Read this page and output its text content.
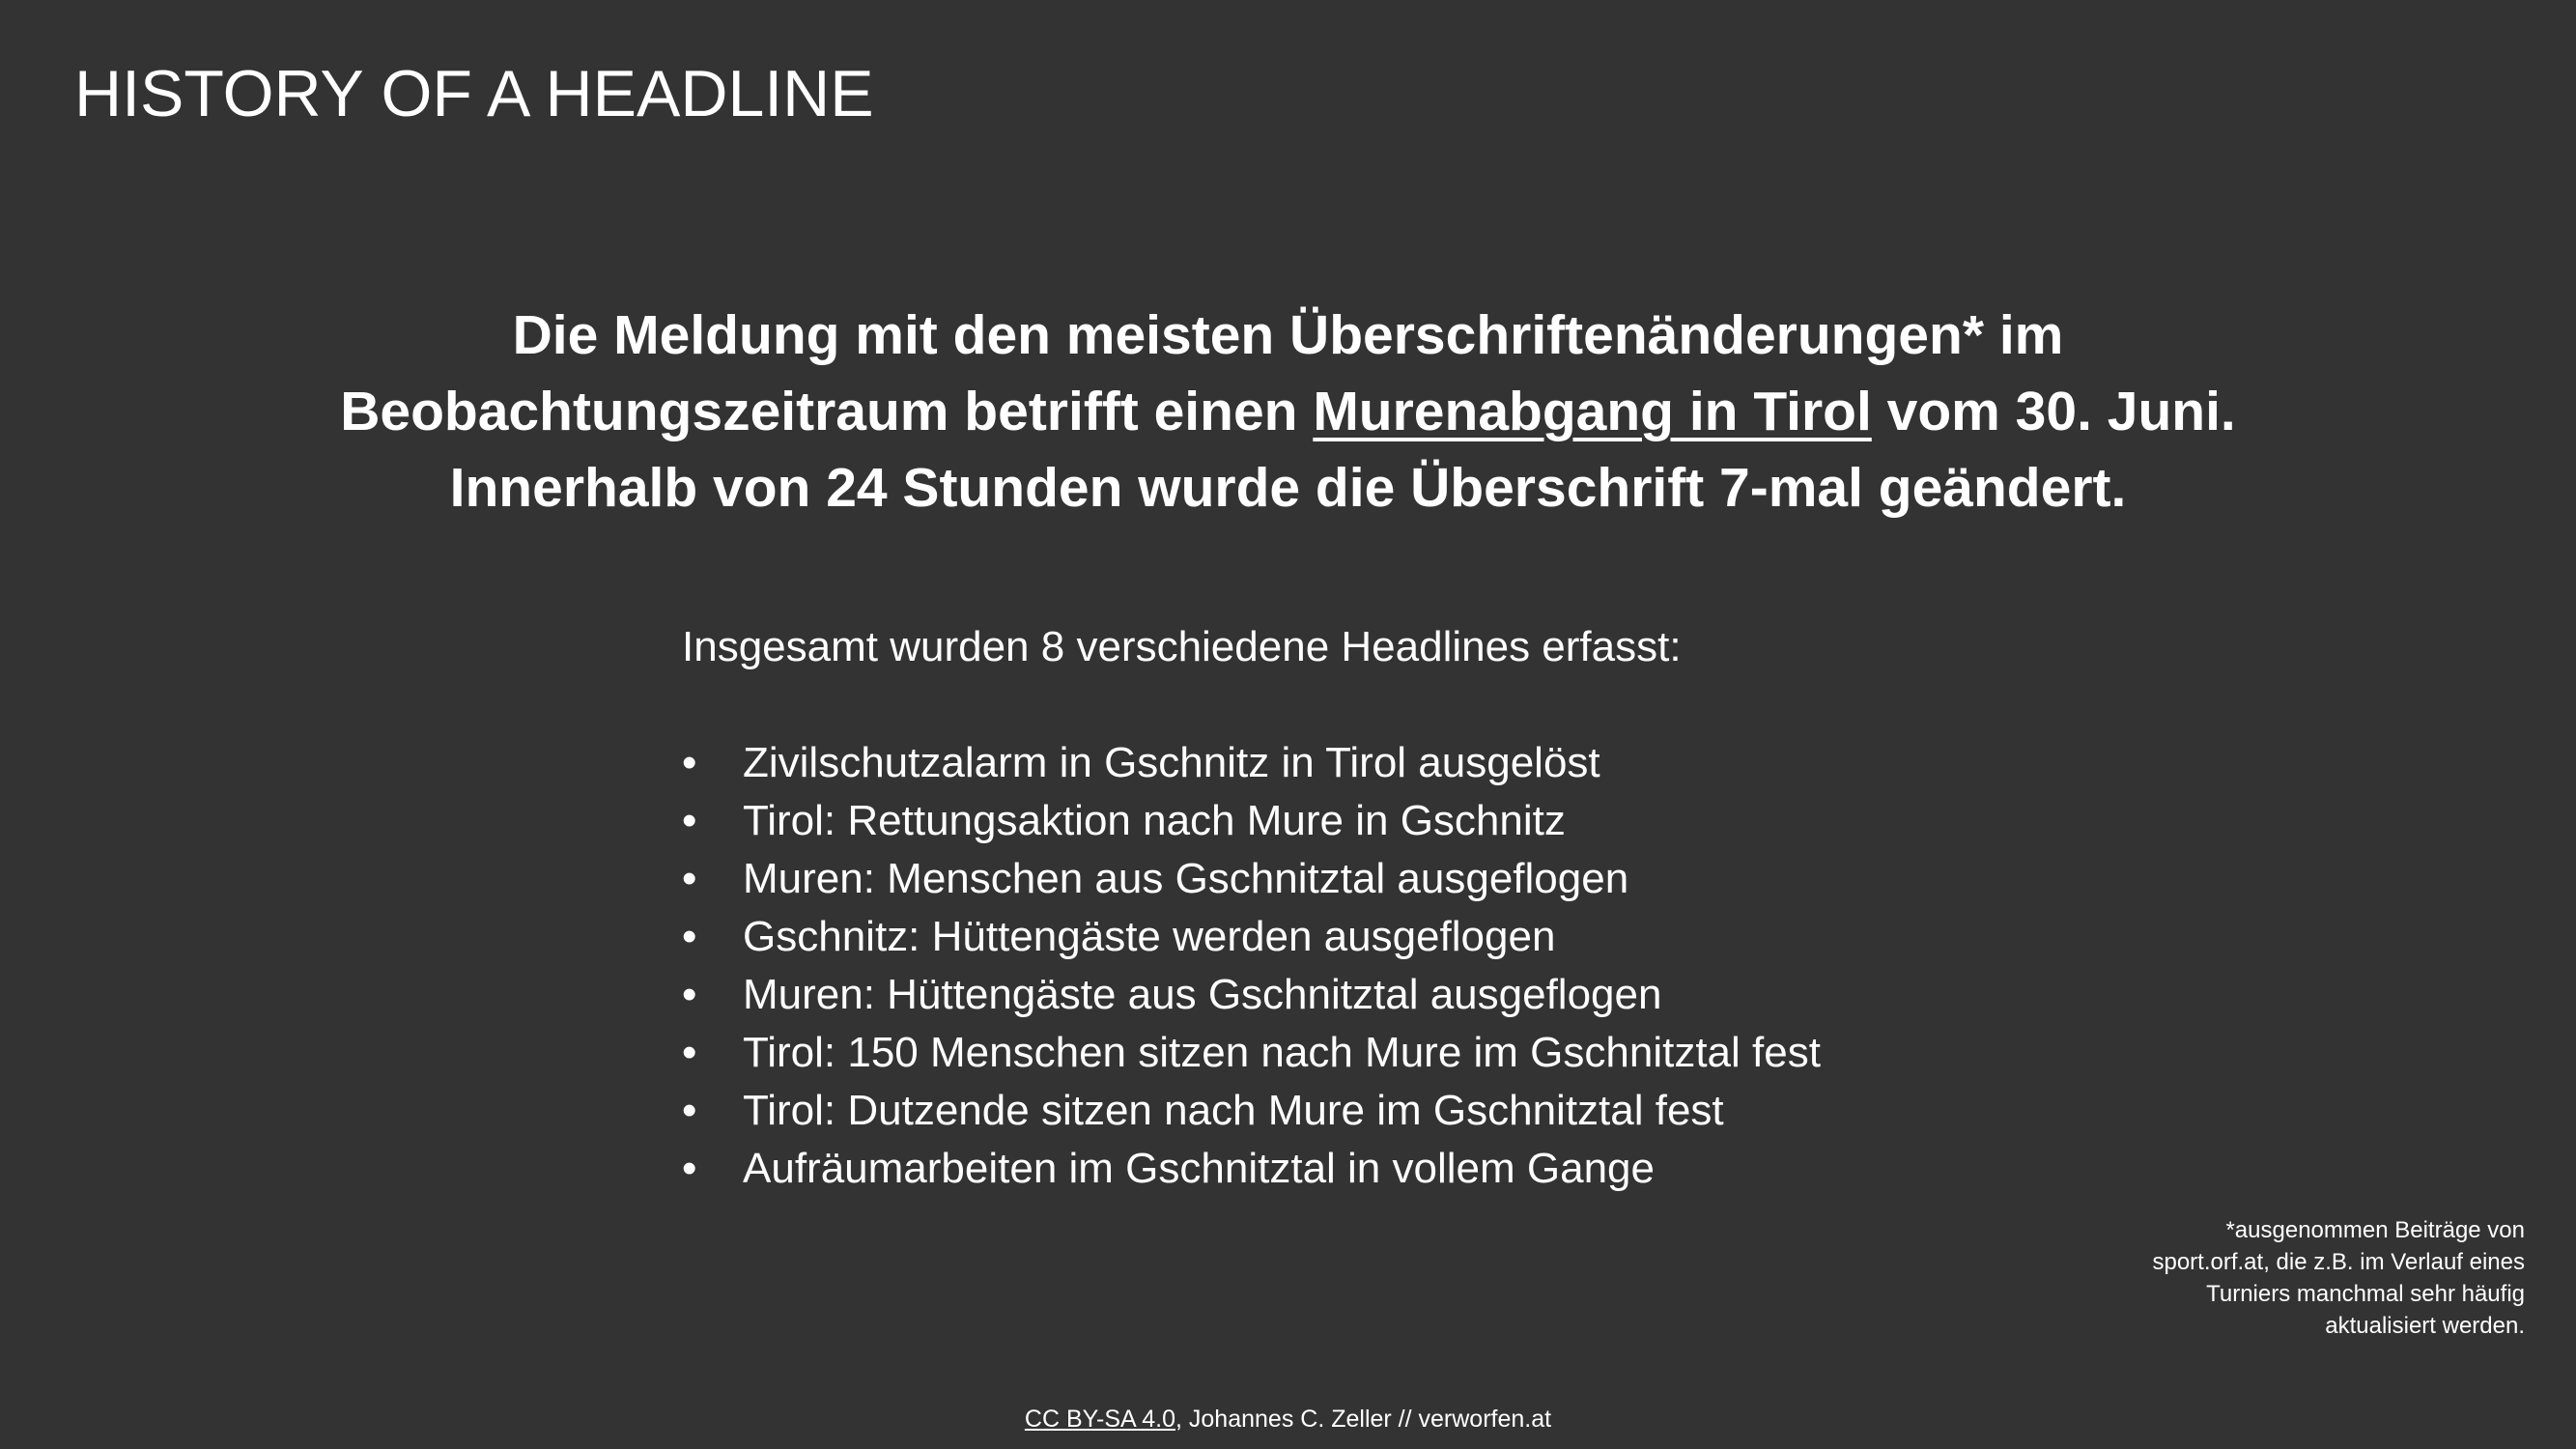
HISTORY OF A HEADLINE
Die Meldung mit den meisten Überschriftenänderungen* im
Beobachtungszeitraum betrifft einen Murenabgang in Tirol vom 30. Juni.
Innerhalb von 24 Stunden wurde die Überschrift 7-mal geändert.
Insgesamt wurden 8 verschiedene Headlines erfasst:
• Zivilschutzalarm in Gschnitz in Tirol ausgelöst
• Tirol: Rettungsaktion nach Mure in Gschnitz
• Muren: Menschen aus Gschnitztal ausgeflogen
• Gschnitz: Hüttengäste werden ausgeflogen
• Muren: Hüttengäste aus Gschnitztal ausgeflogen
• Tirol: 150 Menschen sitzen nach Mure im Gschnitztal fest
• Tirol: Dutzende sitzen nach Mure im Gschnitztal fest
• Aufräumarbeiten im Gschnitztal in vollem Gange
*ausgenommen Beiträge von
sport.orf.at, die z.B. im Verlauf eines
Turniers manchmal sehr häufig
aktualisiert werden.
CC BY-SA 4.0, Johannes C. Zeller // verworfen.at
